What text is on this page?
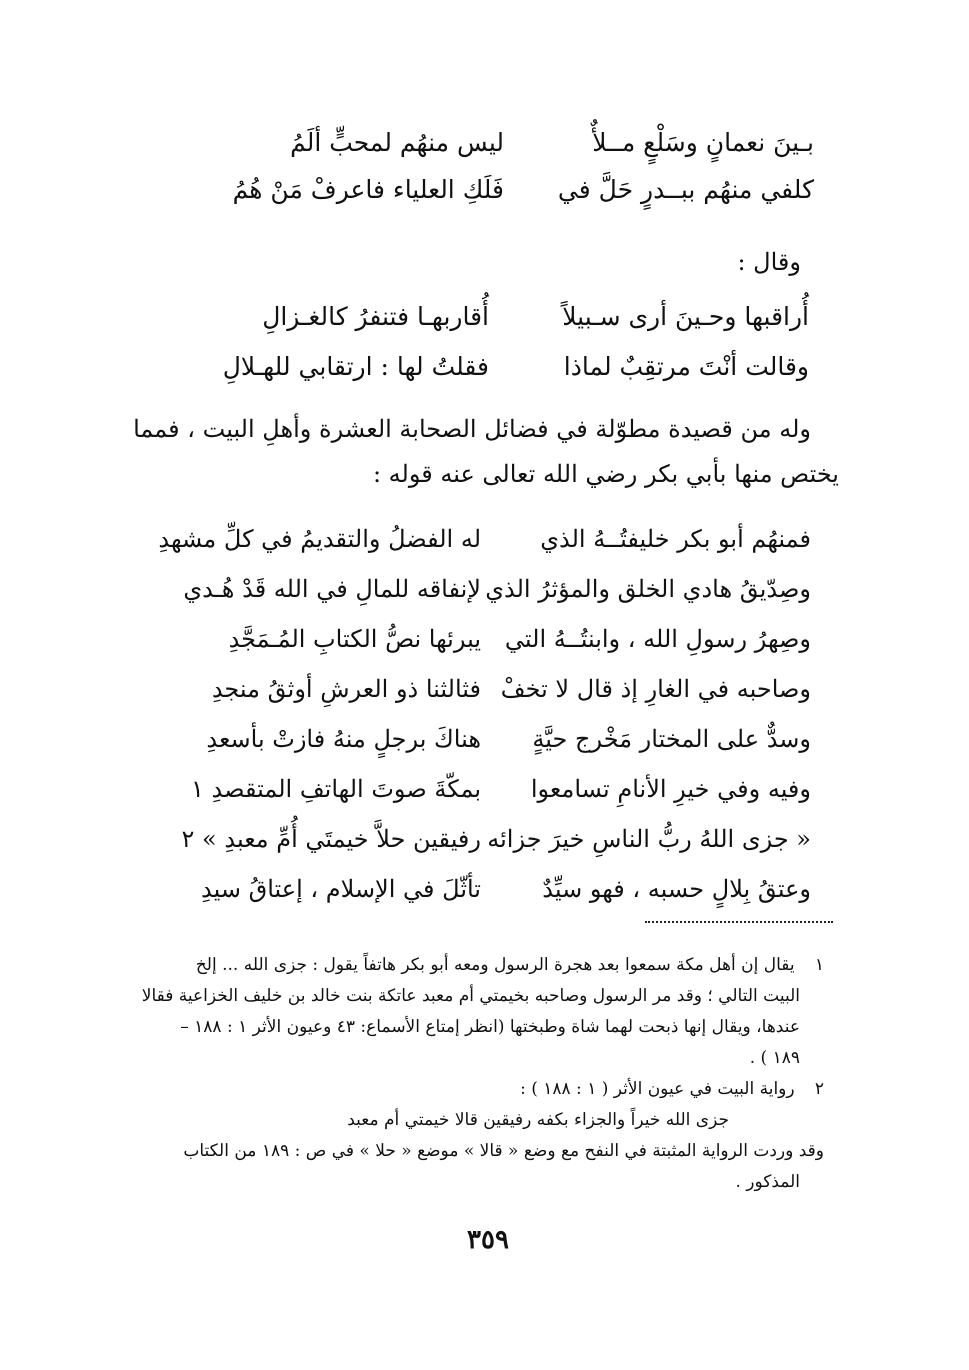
بـينَ نعمانٍ وسَلْعٍ مــلأٌ
ليس منهُم لمحبٍّ ألَمُ
كلفي منهُم ببــدرٍ حَلَّ في
فَلَكِ العلياء فاعرفْ مَنْ هُمُ
وقال :
أُراقبها وحـينَ أرى سـبيلاً
أُقاربهـا فتنفرُ كالغـزالِ
وقالت أنْتَ مرتقِبٌ لماذا
فقلتُ لها : ارتقابي للهـلالِ
وله من قصيدة مطوّلة في فضائل الصحابة العشرة وأهلِ البيت ، فمما
يختص منها بأبي بكر رضي الله تعالى عنه قوله :
فمنهُم أبو بكر خليفتُــهُ الذي
له الفضلُ والتقديمُ في كلِّ مشهدِ
وصِدّيقُ هادي الخلق والمؤثرُ الذي
لإنفاقه للمالِ في الله قَدْ هُـدي
وصِهرُ رسولِ الله ، وابنتُــهُ التي
يبرئها نصُّ الكتابِ المُـمَجَّدِ
وصاحبه في الغارِ إذ قال لا تخفْ
فثالثنا ذو العرشِ أوثقُ منجدِ
وسدٌّ على المختار مَخْرج حيَّةٍ
هناكَ برجلٍ منهُ فازتْ بأسعدِ
وفيه وفي خيرِ الأنامِ تسامعوا
بمكّةَ صوتَ الهاتفِ المتقصدِ ١
« جزى اللهُ ربُّ الناسِ خيرَ جزائه
رفيقين حلاَّ خيمتَي أُمِّ معبدِ » ٢
وعتقُ بِلالٍ حسبه ، فهو سيِّدٌ
تأثّلَ في الإسلام ، إعتاقُ سيدِ
١ يقال إن أهل مكة سمعوا بعد هجرة الرسول ومعه أبو بكر هاتفاً يقول : جزى الله ... إلخ
البيت التالي ؛ وقد مر الرسول وصاحبه بخيمتي أم معبد عاتكة بنت خالد بن خليف الخزاعية فقالا
عندها، ويقال إنها ذبحت لهما شاة وطبختها (انظر إمتاع الأسماع: ٤٣ وعيون الأثر ١ : ١٨٨ –
١٨٩ ) .
٢ رواية البيت في عيون الأثر ( ١ : ١٨٨ ) :
جزى الله خيراً والجزاء بكفه رفيقين قالا خيمتي أم معبد
وقد وردت الرواية المثبتة في النفح مع وضع « قالا » موضع « حلا » في ص : ١٨٩ من الكتاب
المذكور .
٣٥٩
